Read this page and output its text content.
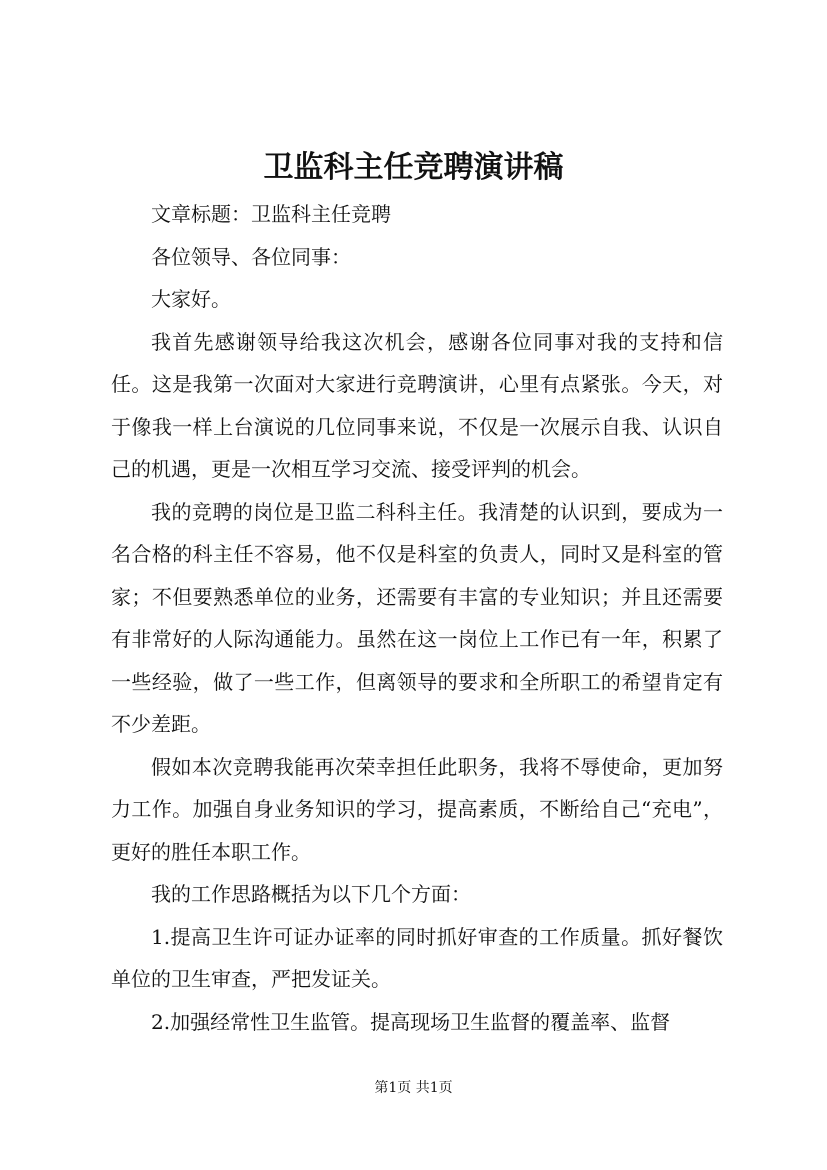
卫监科主任竞聘演讲稿

文章标题：卫监科主任竞聘

各位领导、各位同事：

大家好。

我首先感谢领导给我这次机会，感谢各位同事对我的支持和信任。这是我第一次面对大家进行竞聘演讲，心里有点紧张。今天，对于像我一样上台演说的几位同事来说，不仅是一次展示自我、认识自己的机遇，更是一次相互学习交流、接受评判的机会。

我的竞聘的岗位是卫监二科科主任。我清楚的认识到，要成为一名合格的科主任不容易，他不仅是科室的负责人，同时又是科室的管家；不但要熟悉单位的业务，还需要有丰富的专业知识；并且还需要有非常好的人际沟通能力。虽然在这一岗位上工作已有一年，积累了一些经验，做了一些工作，但离领导的要求和全所职工的希望肯定有不少差距。

假如本次竞聘我能再次荣幸担任此职务，我将不辱使命，更加努力工作。加强自身业务知识的学习，提高素质，不断给自己“充电”，更好的胜任本职工作。

我的工作思路概括为以下几个方面：

1.提高卫生许可证办证率的同时抓好审查的工作质量。抓好餐饮单位的卫生审查，严把发证关。

2.加强经常性卫生监管。提高现场卫生监督的覆盖率、监督

第1页 共1页
